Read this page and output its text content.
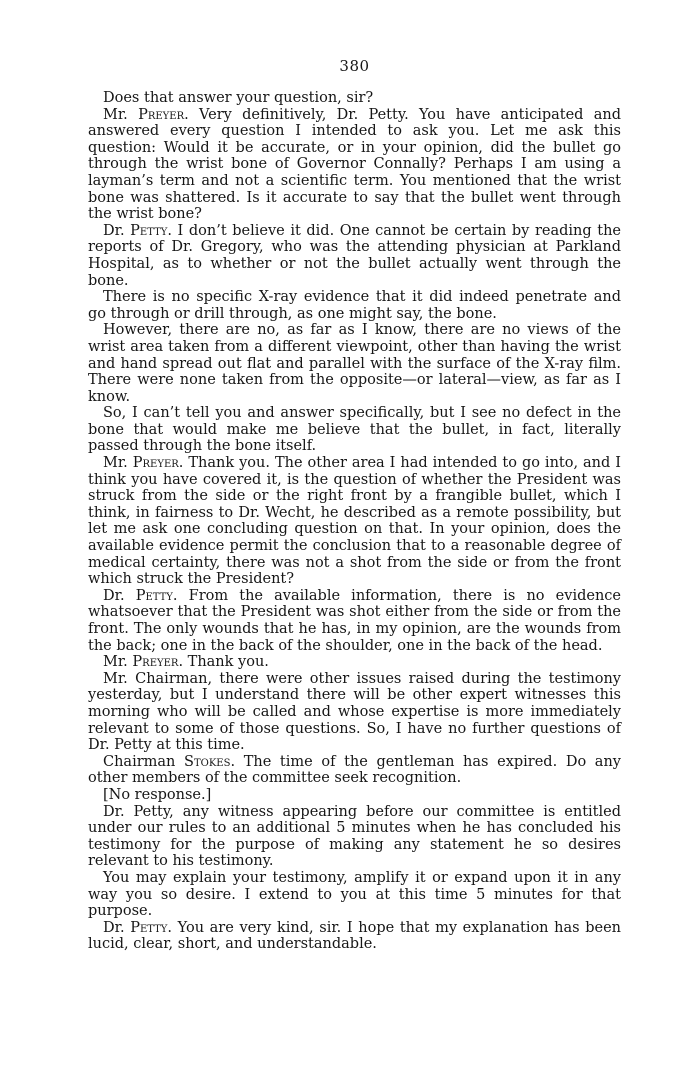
380

Does that answer your question, sir?

Mr. Preyer. Very definitively, Dr. Petty. You have anticipated and answered every question I intended to ask you. Let me ask this question: Would it be accurate, or in your opinion, did the bullet go through the wrist bone of Governor Connally? Perhaps I am using a layman’s term and not a scientific term. You mentioned that the wrist bone was shattered. Is it accurate to say that the bullet went through the wrist bone?

Dr. Petty. I don’t believe it did. One cannot be certain by reading the reports of Dr. Gregory, who was the attending physician at Parkland Hospital, as to whether or not the bullet actually went through the bone.

There is no specific X-ray evidence that it did indeed penetrate and go through or drill through, as one might say, the bone.

However, there are no, as far as I know, there are no views of the wrist area taken from a different viewpoint, other than having the wrist and hand spread out flat and parallel with the surface of the X-ray film. There were none taken from the opposite—or lateral—view, as far as I know.

So, I can’t tell you and answer specifically, but I see no defect in the bone that would make me believe that the bullet, in fact, literally passed through the bone itself.

Mr. Preyer. Thank you. The other area I had intended to go into, and I think you have covered it, is the question of whether the President was struck from the side or the right front by a frangible bullet, which I think, in fairness to Dr. Wecht, he described as a remote possibility, but let me ask one concluding question on that. In your opinion, does the available evidence permit the conclusion that to a reasonable degree of medical certainty, there was not a shot from the side or from the front which struck the President?

Dr. Petty. From the available information, there is no evidence whatsoever that the President was shot either from the side or from the front. The only wounds that he has, in my opinion, are the wounds from the back; one in the back of the shoulder, one in the back of the head.

Mr. Preyer. Thank you.

Mr. Chairman, there were other issues raised during the testimony yesterday, but I understand there will be other expert witnesses this morning who will be called and whose expertise is more immediately relevant to some of those questions. So, I have no further questions of Dr. Petty at this time.

Chairman Stokes. The time of the gentleman has expired. Do any other members of the committee seek recognition.

[No response.]

Dr. Petty, any witness appearing before our committee is entitled under our rules to an additional 5 minutes when he has concluded his testimony for the purpose of making any statement he so desires relevant to his testimony.

You may explain your testimony, amplify it or expand upon it in any way you so desire. I extend to you at this time 5 minutes for that purpose.

Dr. Petty. You are very kind, sir. I hope that my explanation has been lucid, clear, short, and understandable.
